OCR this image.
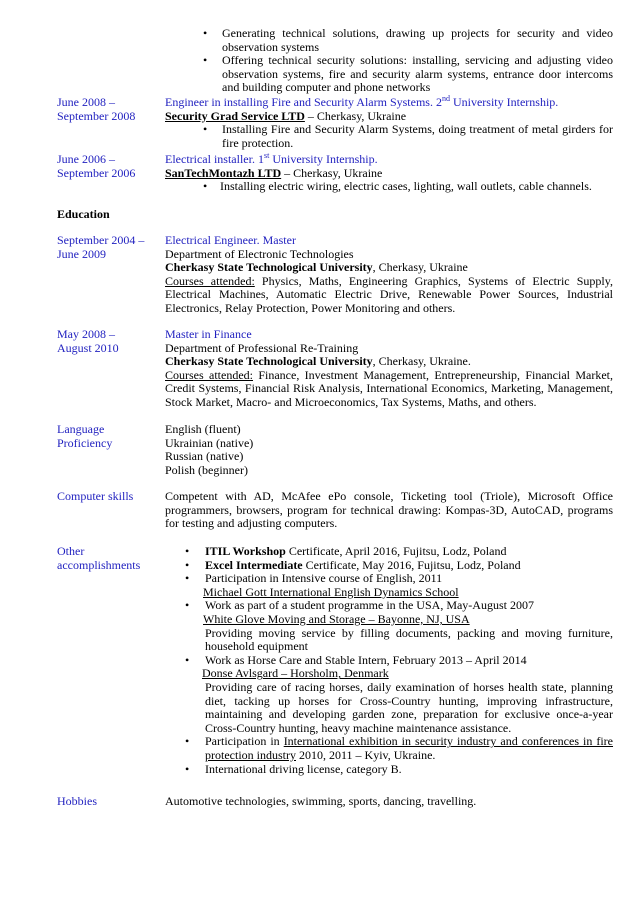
• Generating technical solutions, drawing up projects for security and video observation systems
• Offering technical security solutions: installing, servicing and adjusting video observation systems, fire and security alarm systems, entrance door intercoms and building computer and phone networks
June 2008 –
September 2008
Engineer in installing Fire and Security Alarm Systems. 2nd University Internship.
Security Grad Service LTD – Cherkasy, Ukraine
• Installing Fire and Security Alarm Systems, doing treatment of metal girders for fire protection.
June 2006 –
September 2006
Electrical installer. 1st University Internship.
SanTechMontazh LTD – Cherkasy, Ukraine
• Installing electric wiring, electric cases, lighting, wall outlets, cable channels.
Education
September 2004 –
June 2009
Electrical Engineer. Master
Department of Electronic Technologies
Cherkasy State Technological University, Cherkasy, Ukraine

Courses attended: Physics, Maths, Engineering Graphics, Systems of Electric Supply, Electrical Machines, Automatic Electric Drive, Renewable Power Sources, Industrial Electronics, Relay Protection, Power Monitoring and others.

May 2008 –
August 2010
Master in Finance
Department of Professional Re-Training
Cherkasy State Technological University, Cherkasy, Ukraine.

Courses attended: Finance, Investment Management, Entrepreneurship, Financial Market, Credit Systems, Financial Risk Analysis, International Economics, Marketing, Management, Stock Market, Macro- and Microeconomics, Tax Systems, Maths, and others.

Language
Proficiency
English (fluent)
Ukrainian (native)
Russian (native)
Polish (beginner)
Computer skills	Competent with AD, McAfee ePo console, Ticketing tool (Triole), Microsoft Office programmers, browsers, program for technical drawing: Kompas-3D, AutoCAD, programs for testing and adjusting computers.

Other
accomplishments
• ITIL Workshop Certificate, April 2016, Fujitsu, Lodz, Poland
• Excel Intermediate Certificate, May 2016, Fujitsu, Lodz, Poland
• Participation in Intensive course of English, 2011
Michael Gott International English Dynamics School
• Work as part of a student programme in the USA, May-August 2007
White Glove Moving and Storage – Bayonne, NJ, USA
Providing moving service by filling documents, packing and moving furniture, household equipment
• Work as Horse Care and Stable Intern, February 2013 – April 2014
Donse Avlsgard – Horsholm, Denmark
Providing care of racing horses, daily examination of horses health state, planning diet, tacking up horses for Cross-Country hunting, improving infrastructure, maintaining and developing garden zone, preparation for exclusive once-a-year Cross-Country hunting, heavy machine maintenance assistance.
• Participation in International exhibition in security industry and conferences in fire protection industry 2010, 2011 – Kyiv, Ukraine.
• International driving license, category B.
Hobbies	Automotive technologies, swimming, sports, dancing, travelling.
